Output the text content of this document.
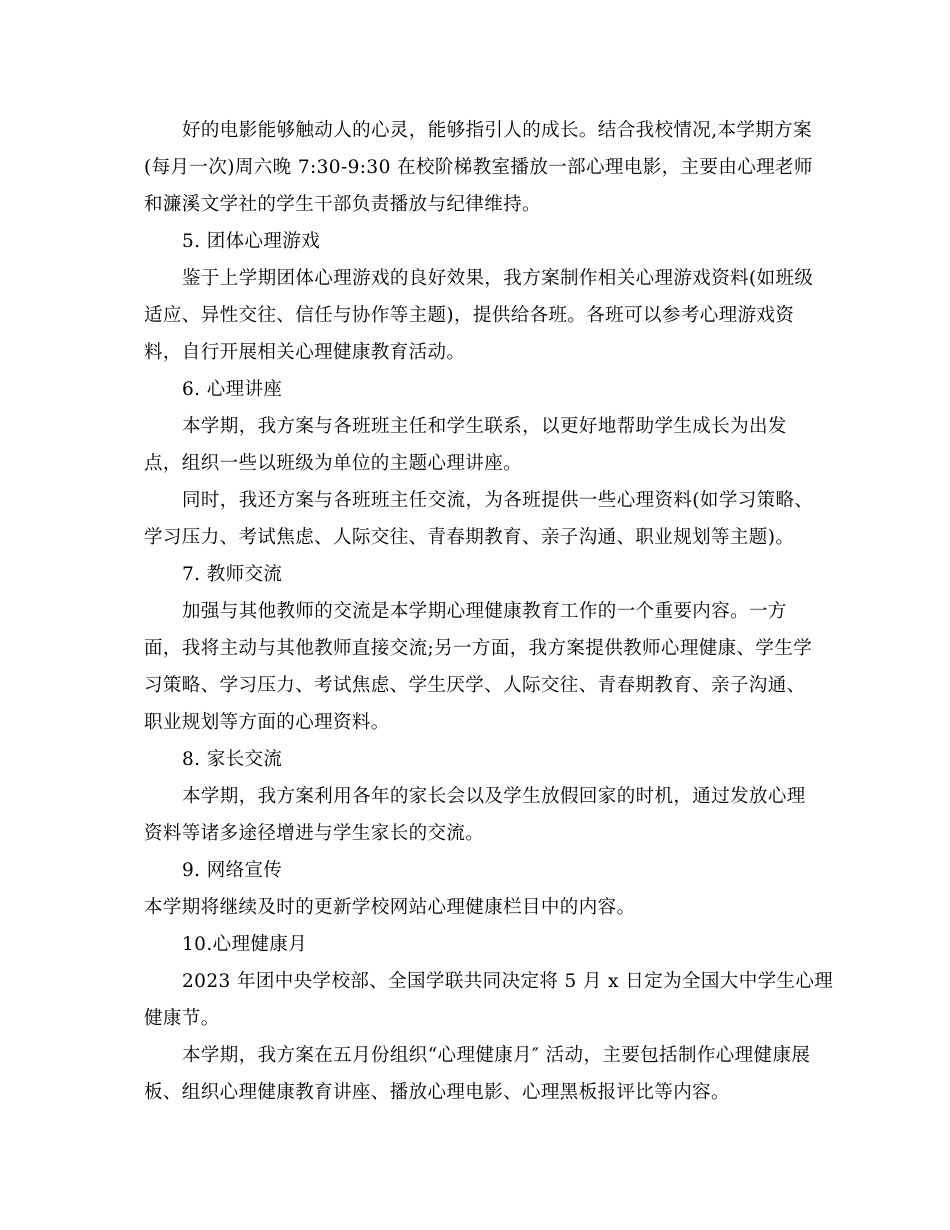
好的电影能够触动人的心灵，能够指引人的成长。结合我校情况,本学期方案
(每月一次)周六晚 7:30-9:30 在校阶梯教室播放一部心理电影，主要由心理老师
和濂溪文学社的学生干部负责播放与纪律维持。
5. 团体心理游戏
鉴于上学期团体心理游戏的良好效果，我方案制作相关心理游戏资料(如班级
适应、异性交往、信任与协作等主题)，提供给各班。各班可以参考心理游戏资
料，自行开展相关心理健康教育活动。
6. 心理讲座
本学期，我方案与各班班主任和学生联系，以更好地帮助学生成长为出发
点，组织一些以班级为单位的主题心理讲座。
同时，我还方案与各班班主任交流，为各班提供一些心理资料(如学习策略、
学习压力、考试焦虑、人际交往、青春期教育、亲子沟通、职业规划等主题)。
7. 教师交流
加强与其他教师的交流是本学期心理健康教育工作的一个重要内容。一方
面，我将主动与其他教师直接交流;另一方面，我方案提供教师心理健康、学生学
习策略、学习压力、考试焦虑、学生厌学、人际交往、青春期教育、亲子沟通、
职业规划等方面的心理资料。
8. 家长交流
本学期，我方案利用各年的家长会以及学生放假回家的时机，通过发放心理
资料等诸多途径增进与学生家长的交流。
9. 网络宣传
本学期将继续及时的更新学校网站心理健康栏目中的内容。
10.心理健康月
2023 年团中央学校部、全国学联共同决定将 5 月 x 日定为全国大中学生心理
健康节。
本学期，我方案在五月份组织“心理健康月″ 活动，主要包括制作心理健康展
板、组织心理健康教育讲座、播放心理电影、心理黑板报评比等内容。
